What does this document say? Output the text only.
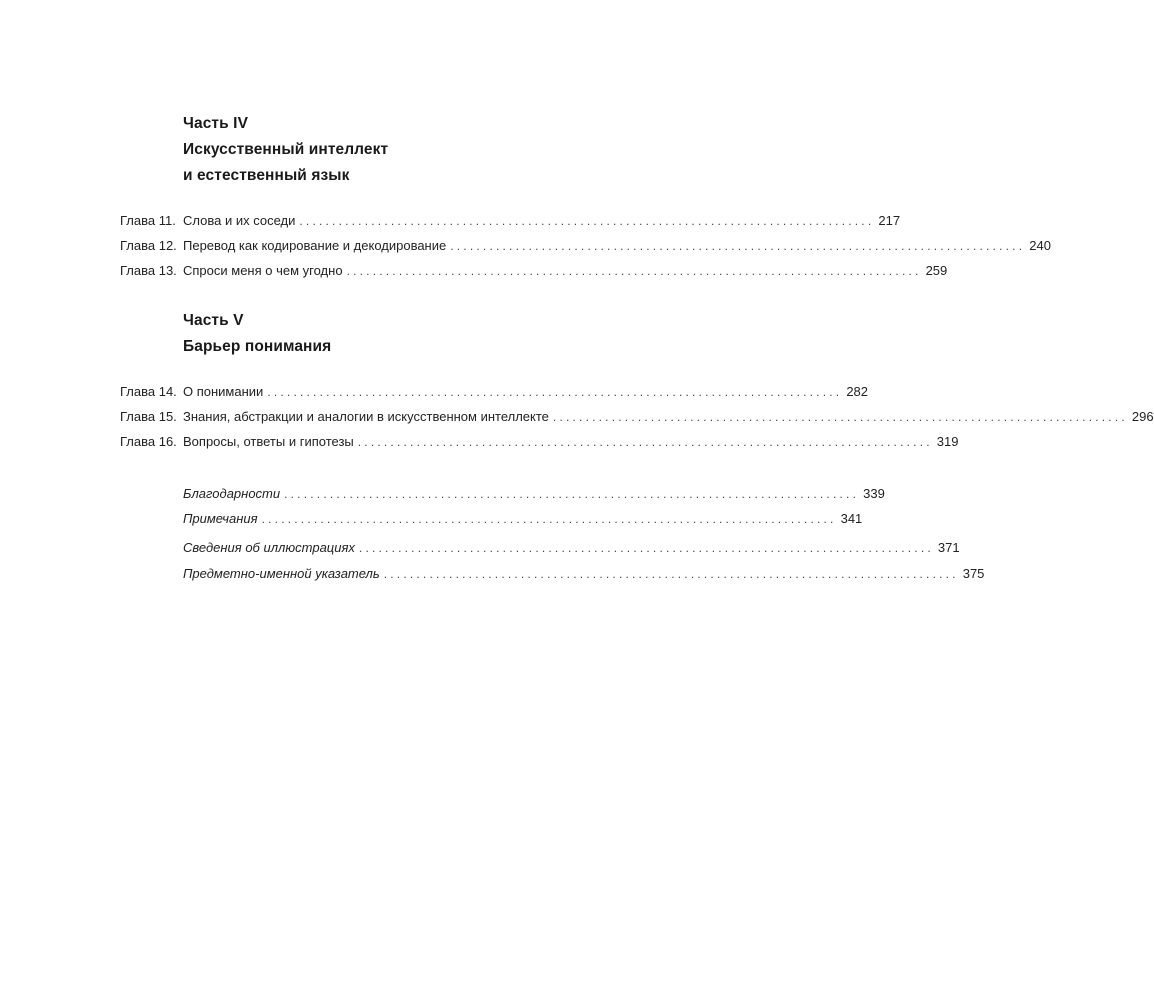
Часть IV
Искусственный интеллект
и естественный язык
Глава 11. Слова и их соседи ........................................................................................ 217
Глава 12. Перевод как кодирование и декодирование ........................................................................................ 240
Глава 13. Спроси меня о чем угодно ........................................................................................ 259
Часть V
Барьер понимания
Глава 14. О понимании ........................................................................................ 282
Глава 15. Знания, абстракции и аналогии в искусственном интеллекте ........................................................................................ 296
Глава 16. Вопросы, ответы и гипотезы ........................................................................................ 319
Благодарности ........................................................................................ 339
Примечания ........................................................................................ 341
Сведения об иллюстрациях ........................................................................................ 371
Предметно-именной указатель ........................................................................................ 375
